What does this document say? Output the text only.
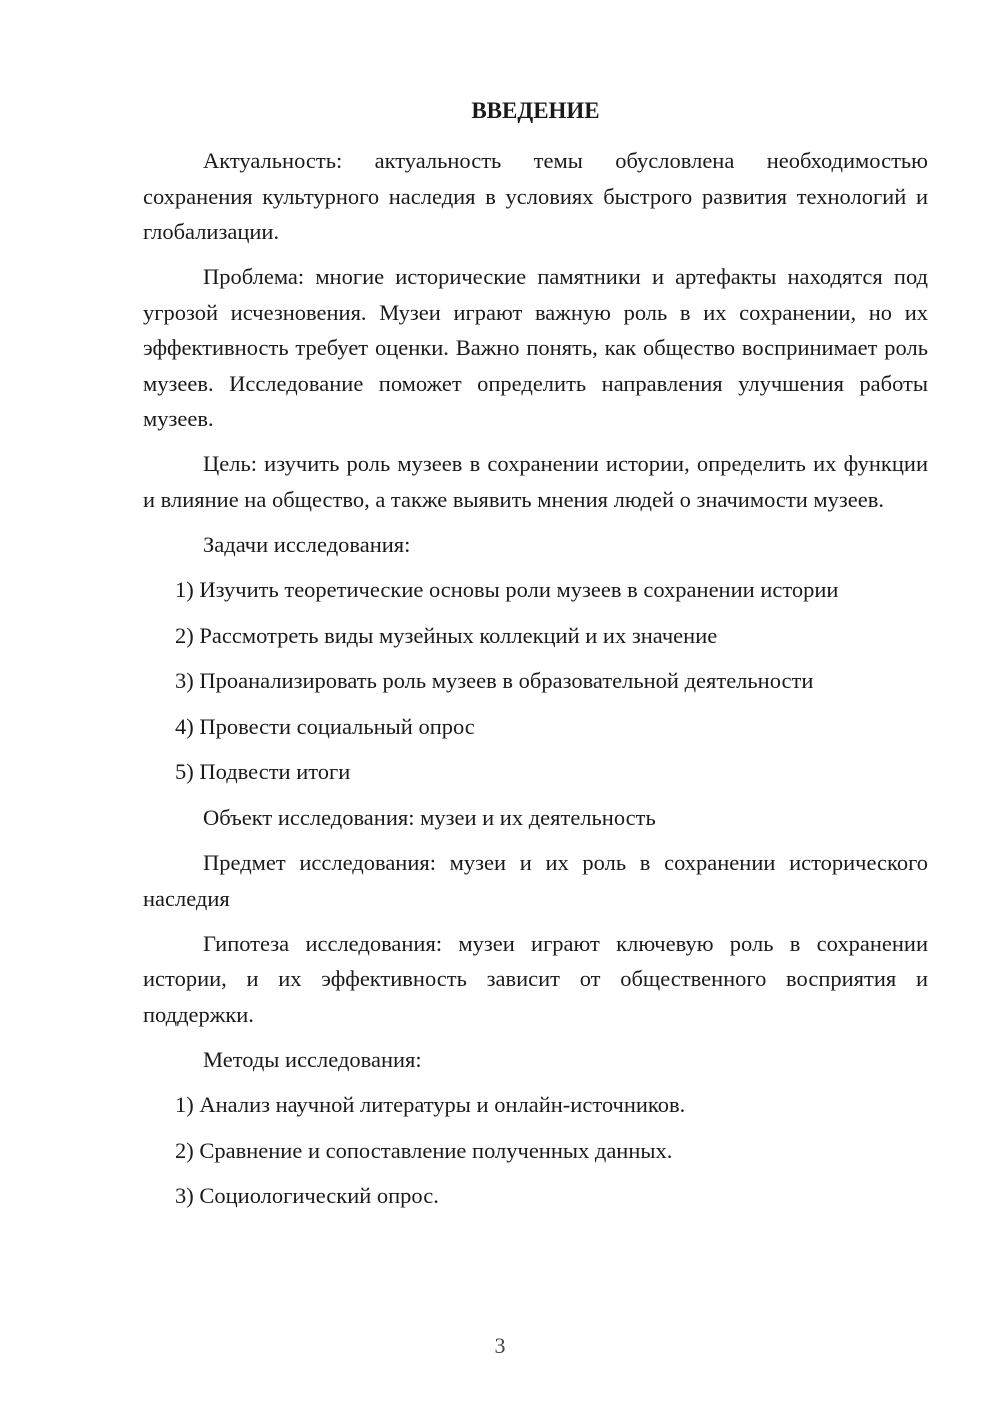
ВВЕДЕНИЕ

Актуальность: актуальность темы обусловлена необходимостью сохранения культурного наследия в условиях быстрого развития технологий и глобализации.

Проблема: многие исторические памятники и артефакты находятся под угрозой исчезновения. Музеи играют важную роль в их сохранении, но их эффективность требует оценки. Важно понять, как общество воспринимает роль музеев. Исследование поможет определить направления улучшения работы музеев.

Цель: изучить роль музеев в сохранении истории, определить их функции и влияние на общество, а также выявить мнения людей о значимости музеев.

Задачи исследования:

1) Изучить теоретические основы роли музеев в сохранении истории

2) Рассмотреть виды музейных коллекций и их значение

3) Проанализировать роль музеев в образовательной деятельности

4) Провести социальный опрос

5) Подвести итоги

Объект исследования: музеи и их деятельность

Предмет исследования: музеи и их роль в сохранении исторического наследия

Гипотеза исследования: музеи играют ключевую роль в сохранении истории, и их эффективность зависит от общественного восприятия и поддержки.

Методы исследования:

1) Анализ научной литературы и онлайн-источников.

2) Сравнение и сопоставление полученных данных.

3) Социологический опрос.

3
